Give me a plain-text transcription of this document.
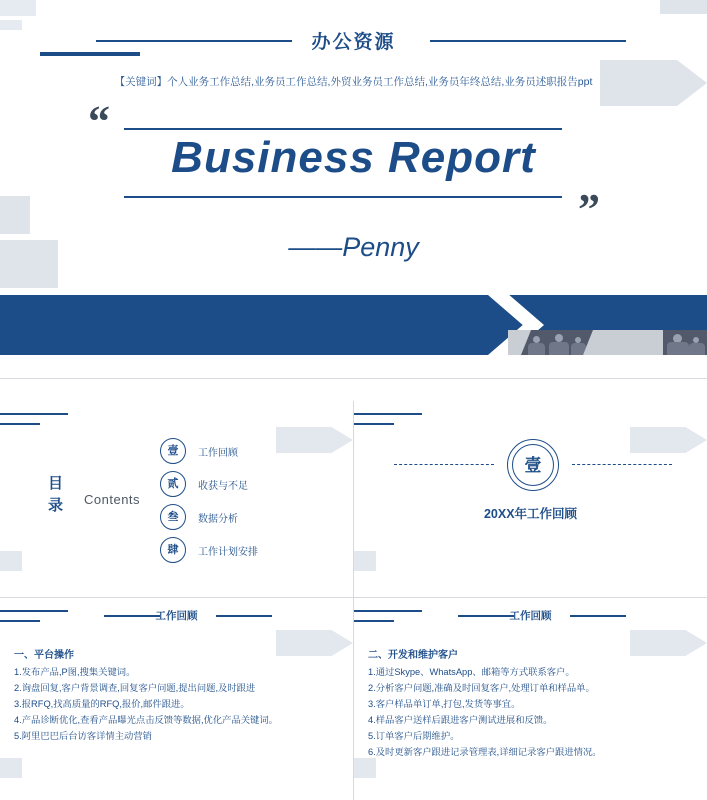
办公资源
【关键词】个人业务工作总结,业务员工作总结,外贸业务员工作总结,业务员年终总结,业务员述职报告ppt
“
”
Business Report
——Penny
目 录 Contents
壹	工作回顾
贰	收获与不足
叁	数据分析
肆	工作计划安排
壹
20XX年工作回顾
工作回顾
一、平台操作
1.发布产品,P图,搜集关键词。
2.询盘回复,客户背景调查,回复客户问题,提出问题,及时跟进
3.报RFQ,找高质量的RFQ,报价,邮件跟进。
4.产品诊断优化,查看产品曝光点击反馈等数据,优化产品关键词。
5.阿里巴巴后台访客详情主动营销
工作回顾
二、开发和维护客户
1.通过Skype、WhatsApp、邮箱等方式联系客户。
2.分析客户问题,准确及时回复客户,处理订单和样品单。
3.客户样品单订单,打包,发货等事宜。
4.样品客户送样后跟进客户测试进展和反馈。
5.订单客户后期维护。
6.及时更新客户跟进记录管理表,详细记录客户跟进情况。
